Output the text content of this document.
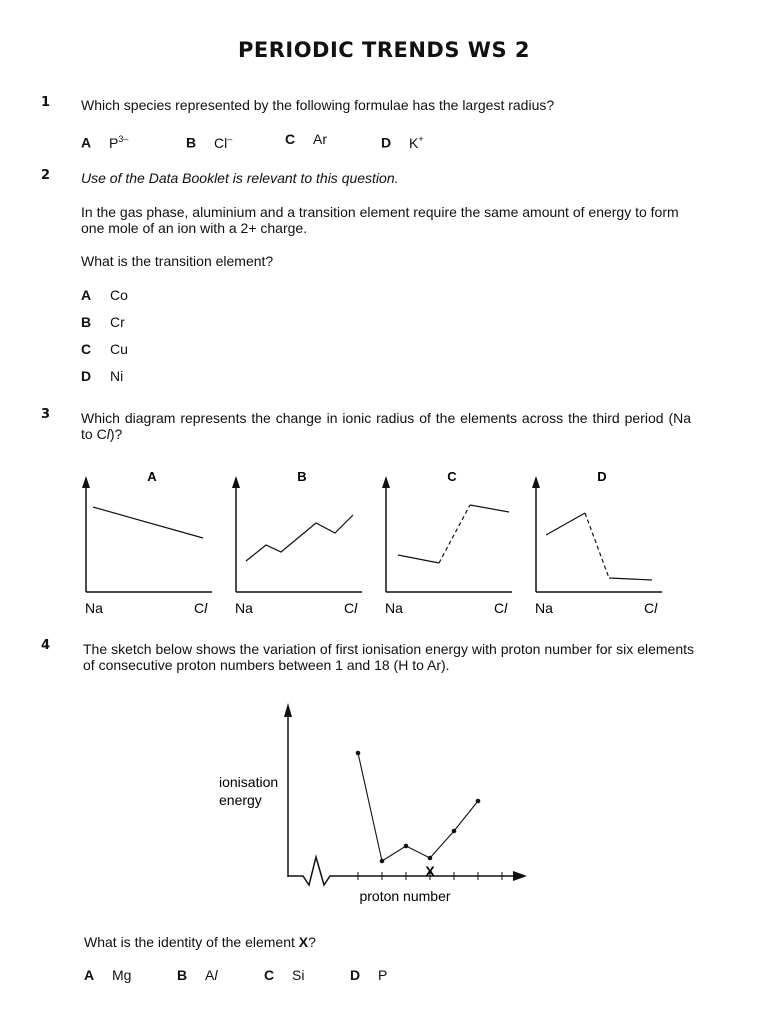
PERIODIC TRENDS WS 2
1 Which species represented by the following formulae has the largest radius?
A $P^{3-}$	B Cl–	C Ar	D K+
2 Use of the Data Booklet is relevant to this question.
In the gas phase, aluminium and a transition element require the same amount of energy to form one mole of an ion with a 2+ charge.
What is the transition element?
A Co
B Cr
C Cu
D Ni
3 Which diagram represents the change in ionic radius of the elements across the third period (Na to Cl)?
A
Na	Cl
B
Na	Cl
C
Na	Cl
D
Na	Cl
4 The sketch below shows the variation of first ionisation energy with proton number for six elements of consecutive proton numbers between 1 and 18 (H to Ar).
ionisation
energy
proton number
X
What is the identity of the element X?
A Mg	B Al	C Si	D P
